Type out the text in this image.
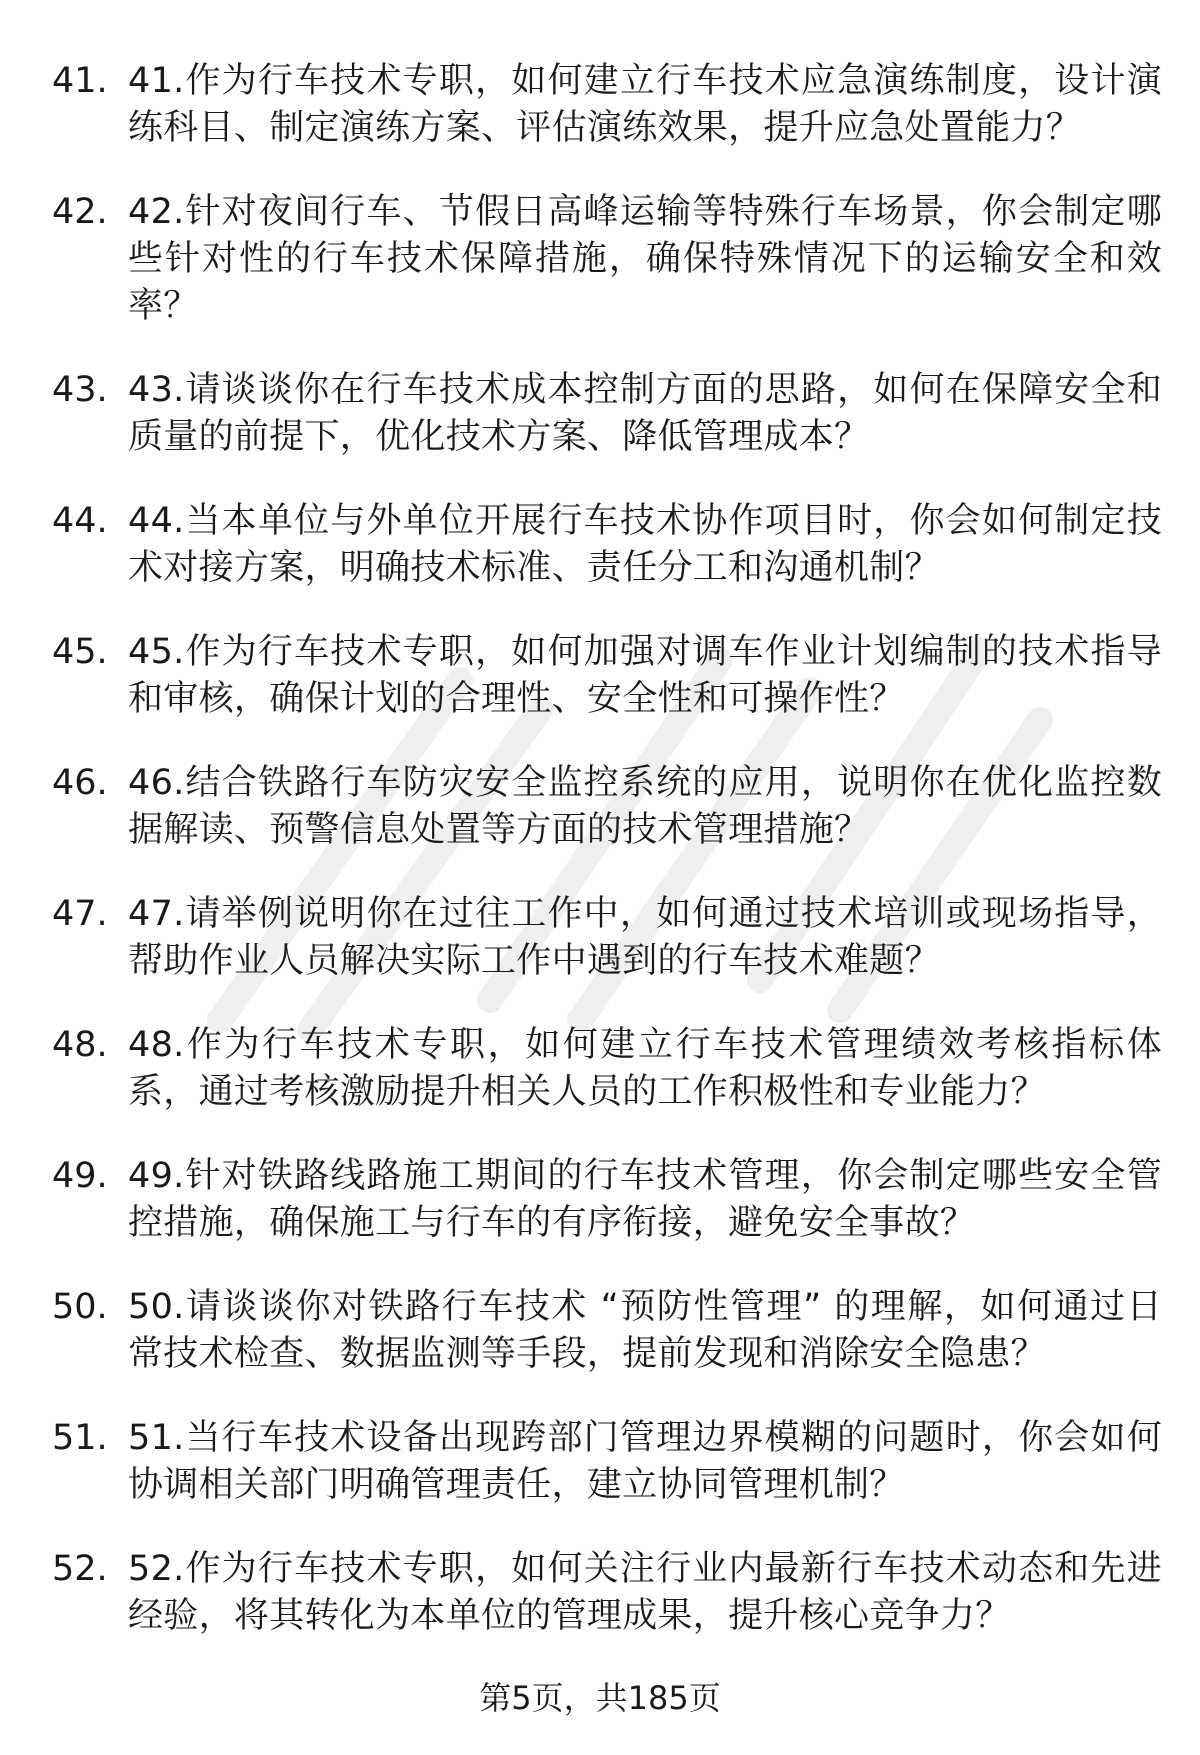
41. 41.作为行车技术专职，如何建立行车技术应急演练制度，设计演练科目、制定演练方案、评估演练效果，提升应急处置能力？
42. 42.针对夜间行车、节假日高峰运输等特殊行车场景，你会制定哪些针对性的行车技术保障措施，确保特殊情况下的运输安全和效率？
43. 43.请谈谈你在行车技术成本控制方面的思路，如何在保障安全和质量的前提下，优化技术方案、降低管理成本？
44. 44.当本单位与外单位开展行车技术协作项目时，你会如何制定技术对接方案，明确技术标准、责任分工和沟通机制？
45. 45.作为行车技术专职，如何加强对调车作业计划编制的技术指导和审核，确保计划的合理性、安全性和可操作性？
46. 46.结合铁路行车防灾安全监控系统的应用，说明你在优化监控数据解读、预警信息处置等方面的技术管理措施？
47. 47.请举例说明你在过往工作中，如何通过技术培训或现场指导，帮助作业人员解决实际工作中遇到的行车技术难题？
48. 48.作为行车技术专职，如何建立行车技术管理绩效考核指标体系，通过考核激励提升相关人员的工作积极性和专业能力？
49. 49.针对铁路线路施工期间的行车技术管理，你会制定哪些安全管控措施，确保施工与行车的有序衔接，避免安全事故？
50. 50.请谈谈你对铁路行车技术 “预防性管理” 的理解，如何通过日常技术检查、数据监测等手段，提前发现和消除安全隐患？
51. 51.当行车技术设备出现跨部门管理边界模糊的问题时，你会如何协调相关部门明确管理责任，建立协同管理机制？
52. 52.作为行车技术专职，如何关注行业内最新行车技术动态和先进经验，将其转化为本单位的管理成果，提升核心竞争力？
第5页，共185页
